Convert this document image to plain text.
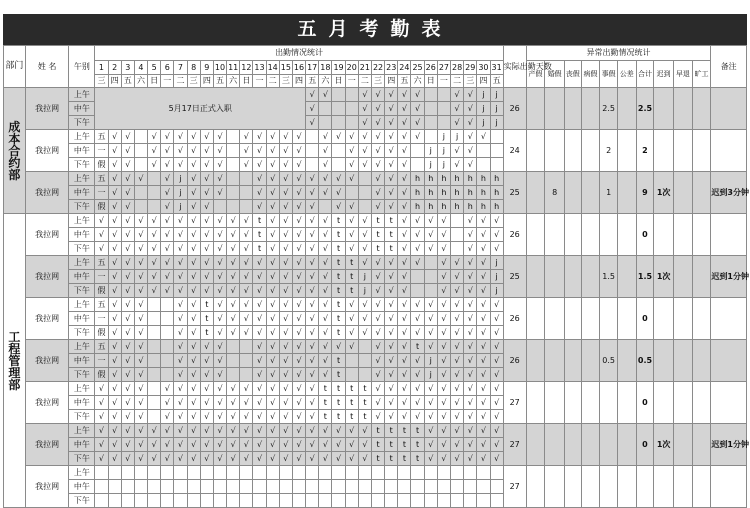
五月考勤表
部门	姓 名	午别	出勤情况统计																															实际出勤天数	异常出勤情况统计										备注
			1	2	3	4	5	6	7	8	9	10	11	12	13	14	15	16	17	18	19	20	21	22	23	24	25	26	27	28	29	30	31		产假	婚假	丧假	病假	事假	公差	合计	迟到	早退	旷工	
			三	四	五	六	日	一	二	三	四	五	六	日	一	二	三	四	五	六	日	一	二	三	四	五	六	日	一	二	三	四	五												
成
本
合
约
部	我拉网	上午	5月17日正式入职																√	√			√	√	√	√	√			√	√	j	j	26					2.5		2.5				
		中午																	√				√	√	√	√	√			√	√	j	j												
		下午																	√				√	√	√	√	√			√	√	j	j												
	我拉网	上午	五	√	√		√	√	√	√	√	√		√	√	√	√	√		√	√	√	√	√	√	√	√		j	j	√	√		24					2		2				
		中午	一	√	√		√	√	√	√	√	√		√	√	√	√	√		√		√	√	√	√	√		j	j	√	√														
		下午	假	√	√		√	√	√	√	√	√		√	√	√	√	√		√		√	√	√	√	√		j	j	√	√														
	我拉网	上午	五	√	√	√		√	j	√	√	√			√	√	√	√	√	√	√	√		√	√	√	h	h	h	h	h	h	h	25		8			1		9	1次			迟到3分钟
		中午	一	√	√			√	j	√	√	√			√	√	√	√	√	√	√			√	√	√	h	h	h	h	h	h	h												
		下午	假	√	√			√	j	√	√				√	√	√	√	√		√	√		√	√	√	h	h	h	h	h	h	h												
工
程
管
理
部	我拉网	上午	√	√	√	√	√	√	√	√	√	√	√	√	t	√	√	√	√	√	t	√	√	t	t	√	√	√	√		√	√	√	26							0				
		中午	√	√	√	√	√	√	√	√	√	√	√	√	t	√	√	√	√	√	t	√	√	t	t	√	√	√	√		√	√	√												
		下午	√	√	√	√	√	√	√	√	√	√	√	√	t	√	√	√	√	√	t	√	√	t	t	√	√	√	√		√	√	√												
	我拉网	上午	五	√	√	√	√	√	√	√	√	√	√	√	√	√	√	√	√	√	t	t	√	√	√	√	√		√	√	√	√	j	25					1.5		1.5	1次			迟到1分钟
		中午	一	√	√	√	√	√	√	√	√	√	√	√	√	√	√	√	√	√	t	t	j	√	√	√			√	√	√	√	j												
		下午	假	√	√	√	√	√	√	√	√	√	√	√	√	√	√	√	√	√	t	t	j	√	√	√			√	√	√	√	j												
	我拉网	上午	五	√	√	√			√	√	t	√	√	√	√	√	√	√	√	√	t	√	√	√	√	√	√	√	√	√	√	√	√	26							0				
		中午	一	√	√	√			√	√	t	√	√	√	√	√	√	√	√	√	t	√	√	√	√	√	√	√	√	√	√	√	√												
		下午	假	√	√	√			√	√	t	√	√	√	√	√	√	√	√	√	t	√	√	√	√	√	√	√	√	√	√	√	√												
	我拉网	上午	五	√	√	√			√	√	√	√			√	√	√	√	√	√	√	√		√	√	√	t	√	√	√	√	√	√	26					0.5		0.5				
		中午	一	√	√	√			√	√	√	√			√	√	√	√	√	√	t			√	√	√	√	j	√	√	√	√	√												
		下午	假	√	√	√			√	√	√	√			√	√	√	√	√	√	t			√	√	√	√	j	√	√	√	√	√												
	我拉网	上午	√	√	√	√		√	√	√	√	√	√	√	√	√	√	√	√	t	t	t	t	√	√	√	√	√	√	√	√	√	√	27							0				
		中午	√	√	√	√		√	√	√	√	√	√	√	√	√	√	√	√	t	t	t	t	√	√	√	√	√	√	√	√	√	√												
		下午	√	√	√	√		√	√	√	√	√	√	√	√	√	√	√	√	t	t	t	t	√	√	√	√	√	√	√	√	√	√												
	我拉网	上午	√	√	√	√	√	√	√	√	√	√	√	√	√	√	√	√	√	√	√	√	√	t	t	t	t	√	√	√	√	√	√	27							0	1次			迟到1分钟
		中午	√	√	√	√	√	√	√	√	√	√	√	√	√	√	√	√	√	√	√	√	√	t	t	t	t	√	√	√	√	√	√												
		下午	√	√	√	√	√	√	√	√	√	√	√	√	√	√	√	√	√	√	√	√	√	t	t	t	t	√	√	√	√	√	√												
	我拉网	上午																																27											
		中午																																											
		下午																																											
